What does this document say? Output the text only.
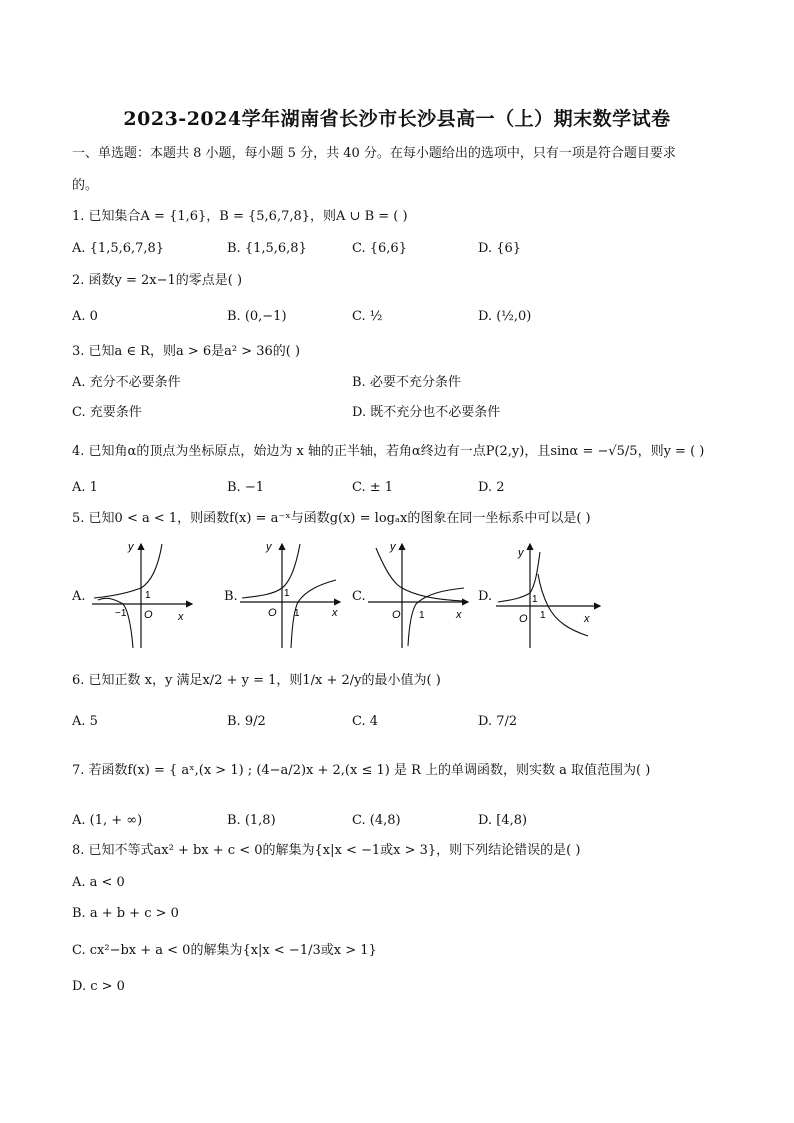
2023-2024学年湖南省长沙市长沙县高一（上）期末数学试卷
一、单选题：本题共 8 小题，每小题 5 分，共 40 分。在每小题给出的选项中，只有一项是符合题目要求
的。
1. 已知集合A = {1,6}，B = {5,6,7,8}，则A ∪ B = ( )
A. {1,5,6,7,8}	B. {1,5,6,8}	C. {6,6}	D. {6}
2. 函数y = 2x−1的零点是( )
A. 0	B. (0,−1)	C. ½	D. (½,0)
3. 已知a ∈ R，则a > 6是a² > 36的( )
A. 充分不必要条件	B. 必要不充分条件
C. 充要条件	D. 既不充分也不必要条件
4. 已知角α的顶点为坐标原点，始边为 x 轴的正半轴，若角α终边有一点P(2,y)，且sinα = −√5/5，则y = ( )
A. 1	B. −1	C. ± 1	D. 2
5. 已知0 < a < 1，则函数f(x) = a⁻ˣ与函数g(x) = logₐx的图象在同一坐标系中可以是( )
A.	B.	C.	D.
y
x
O
1
−1
y
x
O
1
1
y
x
O 1
y
x
O
1
1
6. 已知正数 x，y 满足x/2 + y = 1，则1/x + 2/y的最小值为( )
A. 5	B. 9/2	C. 4	D. 7/2
7. 若函数f(x) = { aˣ,(x > 1) ; (4−a/2)x + 2,(x ≤ 1) 是 R 上的单调函数，则实数 a 取值范围为( )
A. (1, + ∞)	B. (1,8)	C. (4,8)	D. [4,8)
8. 已知不等式ax² + bx + c < 0的解集为{x|x < −1或x > 3}，则下列结论错误的是( )
A. a < 0
B. a + b + c > 0
C. cx²−bx + a < 0的解集为{x|x < −1/3或x > 1}
D. c > 0
